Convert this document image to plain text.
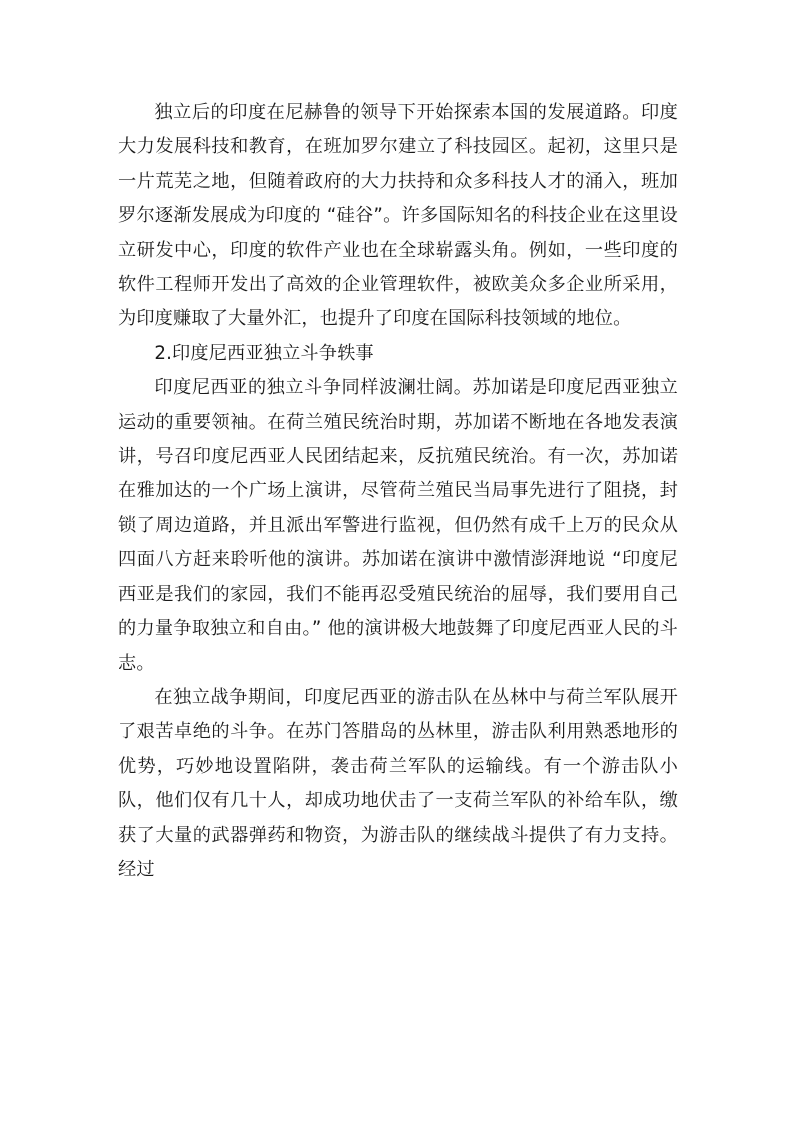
独立后的印度在尼赫鲁的领导下开始探索本国的发展道路。印度大力发展科技和教育，在班加罗尔建立了科技园区。起初，这里只是一片荒芜之地，但随着政府的大力扶持和众多科技人才的涌入，班加罗尔逐渐发展成为印度的 “硅谷”。许多国际知名的科技企业在这里设立研发中心，印度的软件产业也在全球崭露头角。例如，一些印度的软件工程师开发出了高效的企业管理软件，被欧美众多企业所采用，为印度赚取了大量外汇，也提升了印度在国际科技领域的地位。

2.印度尼西亚独立斗争轶事

印度尼西亚的独立斗争同样波澜壮阔。苏加诺是印度尼西亚独立运动的重要领袖。在荷兰殖民统治时期，苏加诺不断地在各地发表演讲，号召印度尼西亚人民团结起来，反抗殖民统治。有一次，苏加诺在雅加达的一个广场上演讲，尽管荷兰殖民当局事先进行了阻挠，封锁了周边道路，并且派出军警进行监视，但仍然有成千上万的民众从四面八方赶来聆听他的演讲。苏加诺在演讲中激情澎湃地说 “印度尼西亚是我们的家园，我们不能再忍受殖民统治的屈辱，我们要用自己的力量争取独立和自由。” 他的演讲极大地鼓舞了印度尼西亚人民的斗志。

在独立战争期间，印度尼西亚的游击队在丛林中与荷兰军队展开了艰苦卓绝的斗争。在苏门答腊岛的丛林里，游击队利用熟悉地形的优势，巧妙地设置陷阱，袭击荷兰军队的运输线。有一个游击队小队，他们仅有几十人，却成功地伏击了一支荷兰军队的补给车队，缴获了大量的武器弹药和物资，为游击队的继续战斗提供了有力支持。经过
